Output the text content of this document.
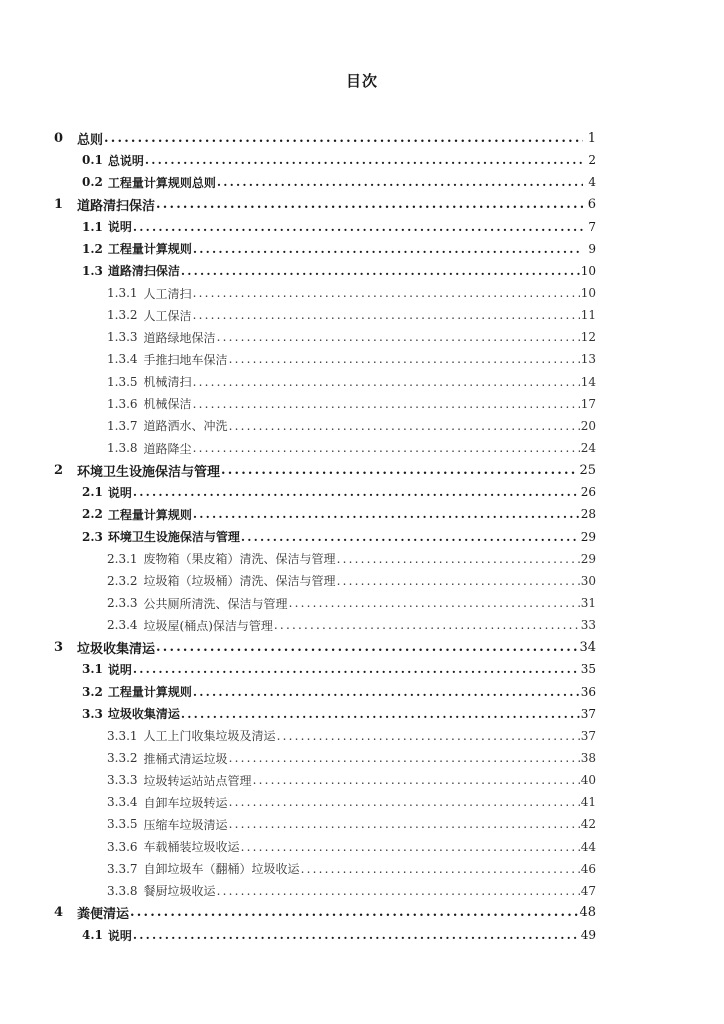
目次
0	总则 .....	1
0.1 总说明 .....	2
0.2 工程量计算规则总则 .....	4
1	道路清扫保洁 .....	6
1.1 说明 .....	7
1.2 工程量计算规则 .....	9
1.3 道路清扫保洁 .....	10
1.3.1 人工清扫 .....	10
1.3.2 人工保洁 .....	11
1.3.3 道路绿地保洁 .....	12
1.3.4 手推扫地车保洁 .....	13
1.3.5 机械清扫 .....	14
1.3.6 机械保洁 .....	17
1.3.7 道路洒水、冲洗 .....	20
1.3.8 道路降尘 .....	24
2	环境卫生设施保洁与管理 .....	25
2.1 说明 .....	26
2.2 工程量计算规则 .....	28
2.3 环境卫生设施保洁与管理 .....	29
2.3.1 废物箱（果皮箱）清洗、保洁与管理 .....	29
2.3.2 垃圾箱（垃圾桶）清洗、保洁与管理 .....	30
2.3.3 公共厕所清洗、保洁与管理 .....	31
2.3.4 垃圾屋(桶点)保洁与管理 .....	33
3	垃圾收集清运 .....	34
3.1 说明 .....	35
3.2 工程量计算规则 .....	36
3.3 垃圾收集清运 .....	37
3.3.1 人工上门收集垃圾及清运 .....	37
3.3.2 推桶式清运垃圾 .....	38
3.3.3 垃圾转运站站点管理 .....	40
3.3.4 自卸车垃圾转运 .....	41
3.3.5 压缩车垃圾清运 .....	42
3.3.6 车载桶装垃圾收运 .....	44
3.3.7 自卸垃圾车（翻桶）垃圾收运 .....	46
3.3.8 餐厨垃圾收运 .....	47
4	粪便清运 .....	48
4.1 说明 .....	49
